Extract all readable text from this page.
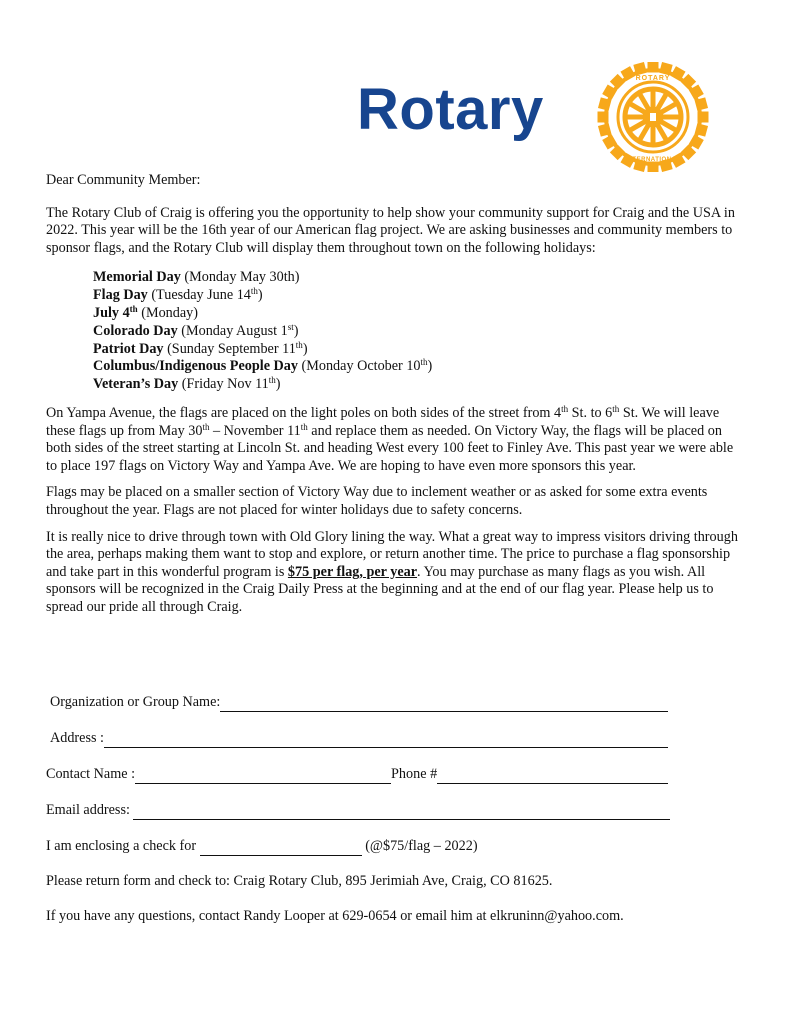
Rotary	ROTARY
INTERNATIONAL

Dear Community Member:

The Rotary Club of Craig is offering you the opportunity to help show your community support for Craig and the USA in 2022. This year will be the 16th year of our American flag project. We are asking businesses and community members to sponsor flags, and the Rotary Club will display them throughout town on the following holidays:

Memorial Day (Monday May 30th)
Flag Day (Tuesday June 14th)
July 4th (Monday)
Colorado Day (Monday August 1st)
Patriot Day (Sunday September 11th)
Columbus/Indigenous People Day (Monday October 10th)
Veteran’s Day (Friday Nov 11th)

On Yampa Avenue, the flags are placed on the light poles on both sides of the street from 4th St. to 6th St. We will leave these flags up from May 30th – November 11th and replace them as needed. On Victory Way, the flags will be placed on both sides of the street starting at Lincoln St. and heading West every 100 feet to Finley Ave. This past year we were able to place 197 flags on Victory Way and Yampa Ave. We are hoping to have even more sponsors this year.

Flags may be placed on a smaller section of Victory Way due to inclement weather or as asked for some extra events throughout the year. Flags are not placed for winter holidays due to safety concerns.

It is really nice to drive through town with Old Glory lining the way. What a great way to impress visitors driving through the area, perhaps making them want to stop and explore, or return another time. The price to purchase a flag sponsorship and take part in this wonderful program is $75 per flag, per year. You may purchase as many flags as you wish. All sponsors will be recognized in the Craig Daily Press at the beginning and at the end of our flag year. Please help us to spread our pride all through Craig.

Organization or Group Name:
Address :
Contact Name :	Phone #
Email address:
I am enclosing a check for	(@$75/flag – 2022)
Please return form and check to: Craig Rotary Club, 895 Jerimiah Ave, Craig, CO 81625.
If you have any questions, contact Randy Looper at 629-0654 or email him at elkruninn@yahoo.com.
